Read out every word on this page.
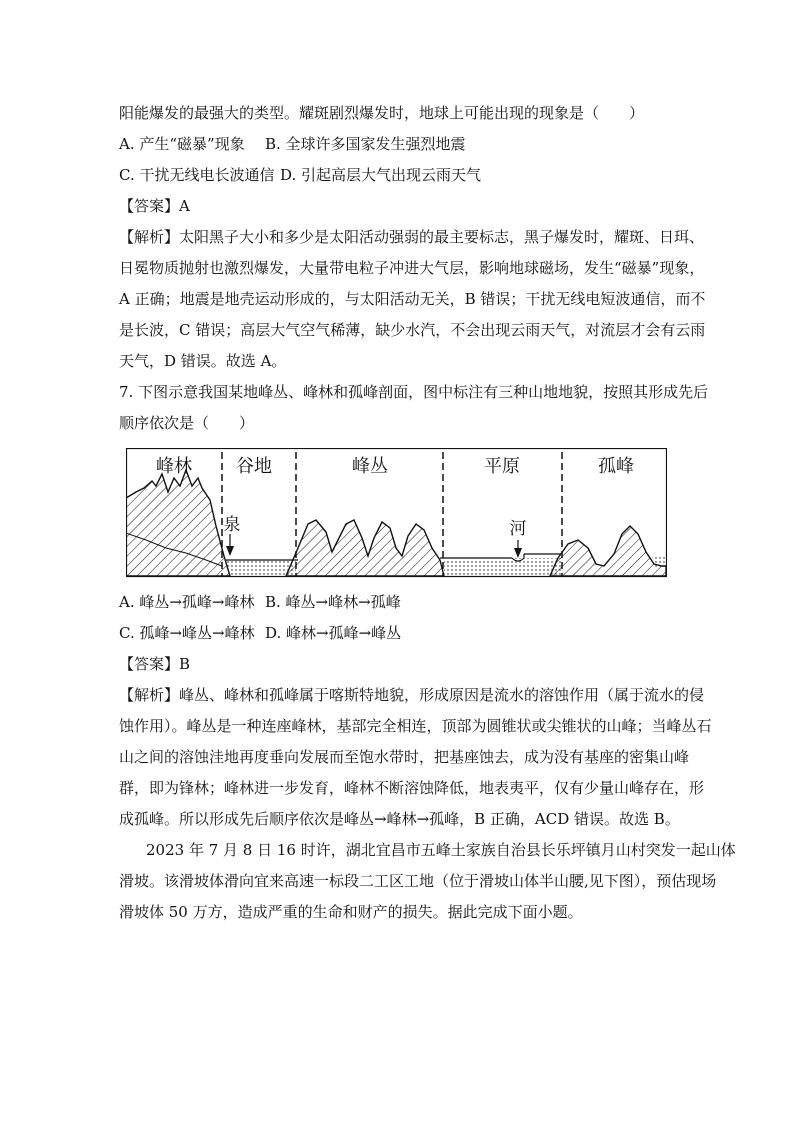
阳能爆发的最强大的类型。耀斑剧烈爆发时，地球上可能出现的现象是（　　）
A. 产生“磁暴”现象 B. 全球许多国家发生强烈地震
C. 干扰无线电长波通信 D. 引起高层大气出现云雨天气
【答案】A
【解析】太阳黑子大小和多少是太阳活动强弱的最主要标志，黑子爆发时，耀斑、日珥、
日冕物质抛射也激烈爆发，大量带电粒子冲进大气层，影响地球磁场，发生“磁暴”现象，
A 正确；地震是地壳运动形成的，与太阳活动无关，B 错误；干扰无线电短波通信，而不
是长波，C 错误；高层大气空气稀薄，缺少水汽，不会出现云雨天气，对流层才会有云雨
天气，D 错误。故选 A。
7. 下图示意我国某地峰丛、峰林和孤峰剖面，图中标注有三种山地地貌，按照其形成先后
顺序依次是（　　）
峰林 谷地	峰丛	平原	孤峰
泉	河
A. 峰丛→孤峰→峰林 B. 峰丛→峰林→孤峰
C. 孤峰→峰丛→峰林 D. 峰林→孤峰→峰丛
【答案】B
【解析】峰丛、峰林和孤峰属于喀斯特地貌，形成原因是流水的溶蚀作用（属于流水的侵
蚀作用）。峰丛是一种连座峰林，基部完全相连，顶部为圆锥状或尖锥状的山峰；当峰丛石
山之间的溶蚀洼地再度垂向发展而至饱水带时，把基座蚀去，成为没有基座的密集山峰
群，即为锋林；峰林进一步发育，峰林不断溶蚀降低，地表夷平，仅有少量山峰存在，形
成孤峰。所以形成先后顺序依次是峰丛→峰林→孤峰，B 正确，ACD 错误。故选 B。
2023 年 7 月 8 日 16 时许，湖北宜昌市五峰土家族自治县长乐坪镇月山村突发一起山体
滑坡。该滑坡体滑向宜来高速一标段二工区工地（位于滑坡山体半山腰,见下图），预估现场
滑坡体 50 万方，造成严重的生命和财产的损失。据此完成下面小题。
